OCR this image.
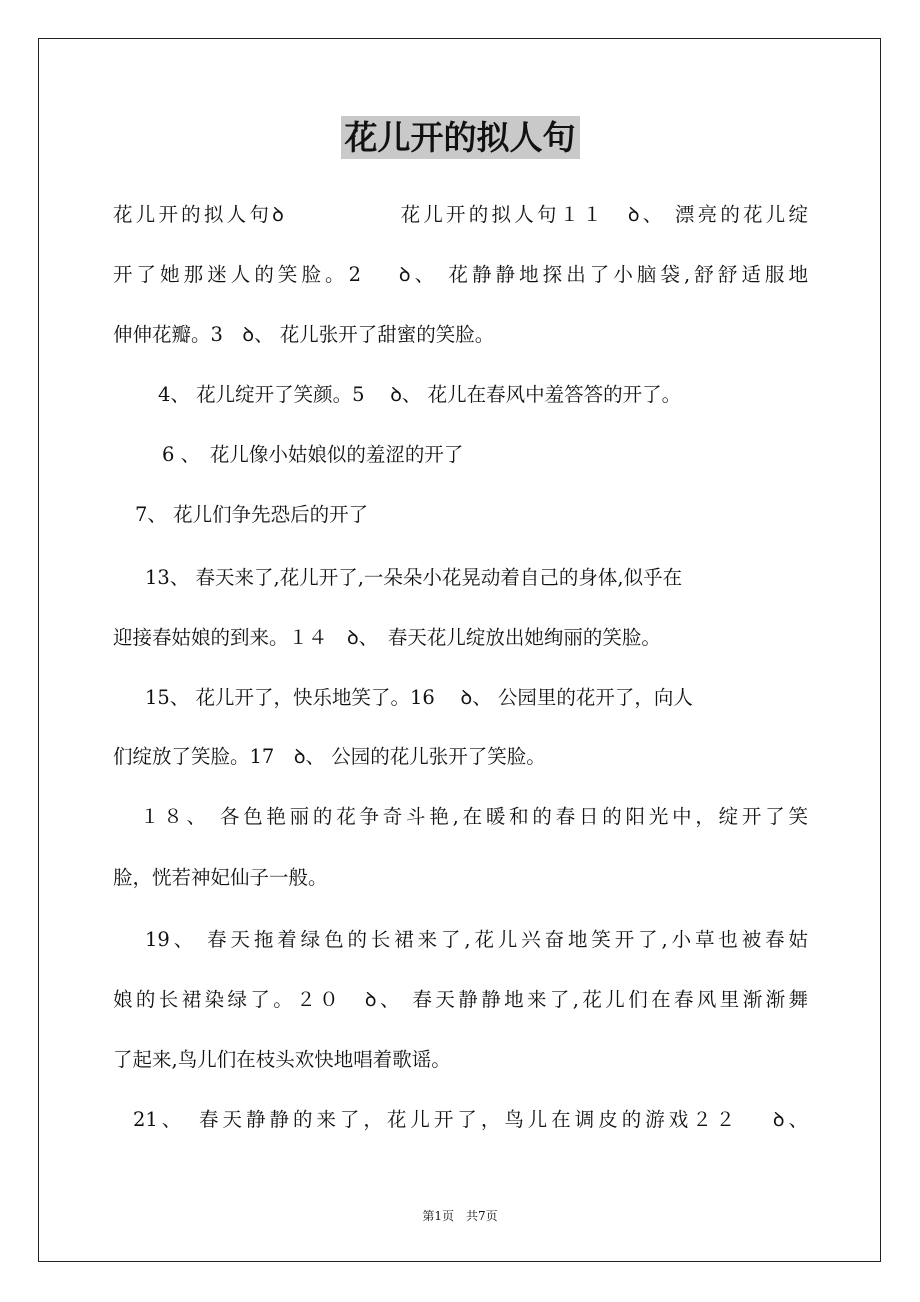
花儿开的拟人句
花儿开的拟人句ꝺ　　　　　花儿开的拟人句１１　ꝺ、 漂亮的花儿绽
开了她那迷人的笑脸。2　 ꝺ、 花静静地探出了小脑袋,舒舒适服地
伸伸花瓣。3　ꝺ、 花儿张开了甜蜜的笑脸。
4、 花儿绽开了笑颜。5　 ꝺ、 花儿在春风中羞答答的开了。
6 、　花儿像小姑娘似的羞涩的开了
7、 花儿们争先恐后的开了
13、 春天来了,花儿开了,一朵朵小花晃动着自己的身体,似乎在
迎接春姑娘的到来。１４　ꝺ、　春天花儿绽放出她绚丽的笑脸。
15、 花儿开了，快乐地笑了。16　 ꝺ、 公园里的花开了，向人
们绽放了笑脸。17　ꝺ、 公园的花儿张开了笑脸。
１８、 各色艳丽的花争奇斗艳,在暖和的春日的阳光中，绽开了笑
脸，恍若神妃仙子一般。
19、 春天拖着绿色的长裙来了,花儿兴奋地笑开了,小草也被春姑
娘的长裙染绿了。２０　ꝺ、 春天静静地来了,花儿们在春风里渐渐舞
了起来,鸟儿们在枝头欢快地唱着歌谣。
21、　春天静静的来了，花儿开了，鸟儿在调皮的游戏２２　 ꝺ、
第1页　共7页
